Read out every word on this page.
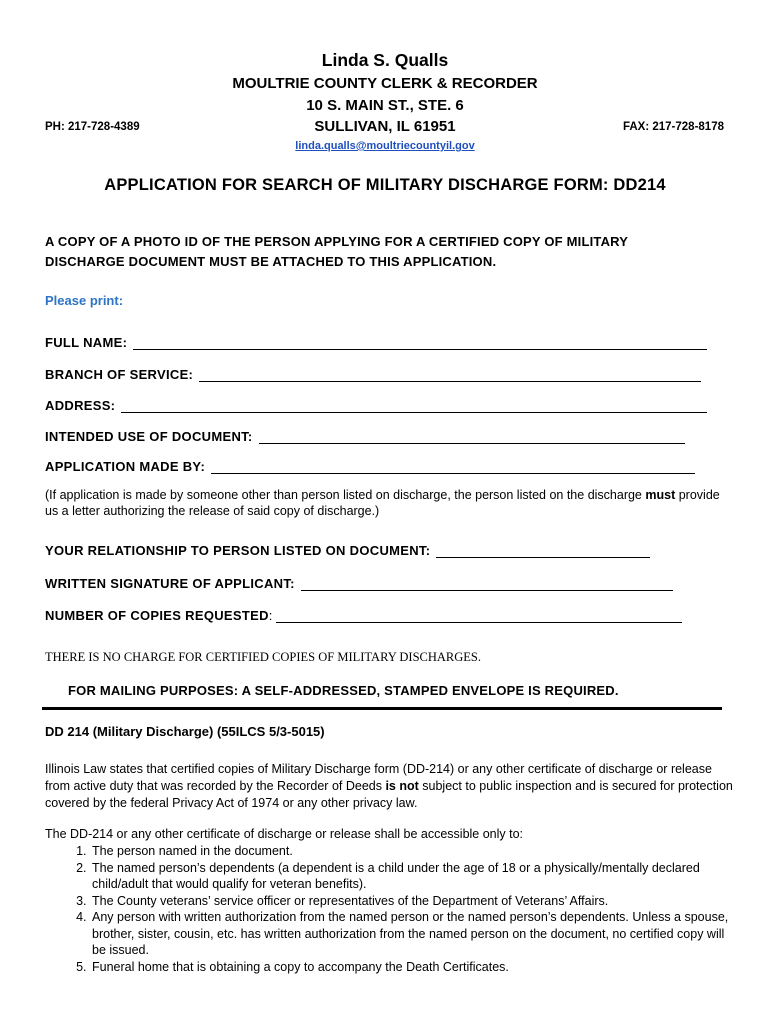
Linda S. Qualls
MOULTRIE COUNTY CLERK & RECORDER
10 S. MAIN ST., STE. 6
SULLIVAN, IL 61951
PH: 217-728-4389	FAX: 217-728-8178
linda.qualls@moultriecountyil.gov
APPLICATION FOR SEARCH OF MILITARY DISCHARGE FORM: DD214
A COPY OF A PHOTO ID OF THE PERSON APPLYING FOR A CERTIFIED COPY OF MILITARY
DISCHARGE DOCUMENT MUST BE ATTACHED TO THIS APPLICATION.
Please print:
FULL NAME:
BRANCH OF SERVICE:
ADDRESS:
INTENDED USE OF DOCUMENT:
APPLICATION MADE BY:
(If application is made by someone other than person listed on discharge, the person listed on the discharge must provide us a letter authorizing the release of said copy of discharge.)
YOUR RELATIONSHIP TO PERSON LISTED ON DOCUMENT:
WRITTEN SIGNATURE OF APPLICANT:
NUMBER OF COPIES REQUESTED :
THERE IS NO CHARGE FOR CERTIFIED COPIES OF MILITARY DISCHARGES.
FOR MAILING PURPOSES: A SELF-ADDRESSED, STAMPED ENVELOPE IS REQUIRED.
DD 214 (Military Discharge) (55ILCS 5/3-5015)
Illinois Law states that certified copies of Military Discharge form (DD-214) or any other certificate of discharge or release from active duty that was recorded by the Recorder of Deeds is not subject to public inspection and is secured for protection covered by the federal Privacy Act of 1974 or any other privacy law.
The DD-214 or any other certificate of discharge or release shall be accessible only to:
1. The person named in the document.
2. The named person’s dependents (a dependent is a child under the age of 18 or a physically/mentally declared child/adult that would qualify for veteran benefits).
3. The County veterans’ service officer or representatives of the Department of Veterans’ Affairs.
4. Any person with written authorization from the named person or the named person’s dependents. Unless a spouse, brother, sister, cousin, etc. has written authorization from the named person on the document, no certified copy will be issued.
5. Funeral home that is obtaining a copy to accompany the Death Certificates.
